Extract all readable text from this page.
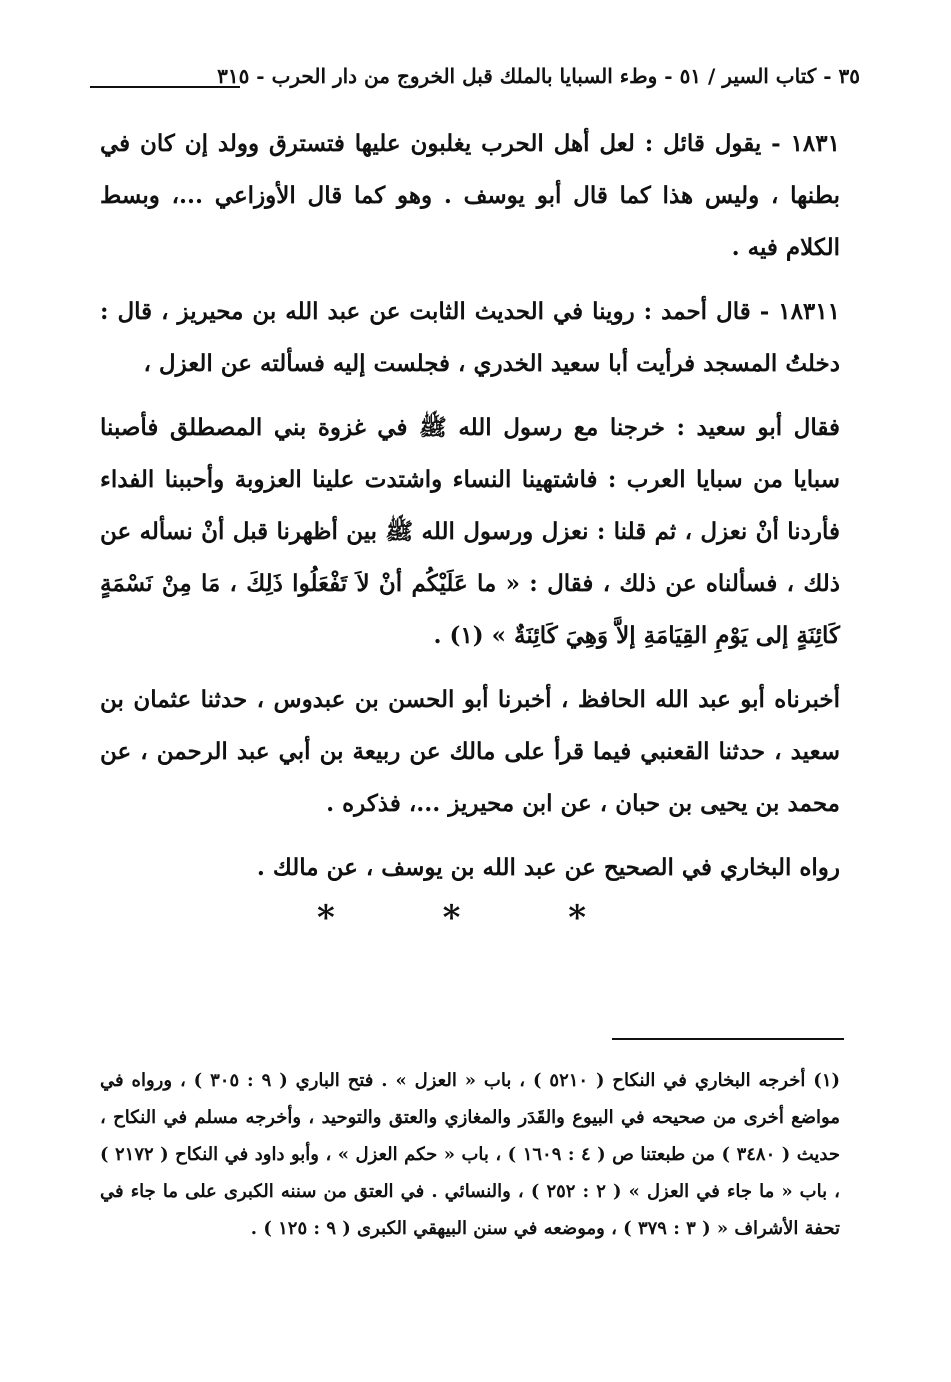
٣٥ - كتاب السير / ٥١ - وطء السبايا بالملك قبل الخروج من دار الحرب - ٣١٥

١٨٣١ - يقول قائل : لعل أهل الحرب يغلبون عليها فتسترق وولد إن كان في بطنها ، وليس هذا كما قال أبو يوسف . وهو كما قال الأوزاعي ...، وبسط الكلام فيه .

١٨٣١١ - قال أحمد : روينا في الحديث الثابت عن عبد الله بن محيريز ، قال : دخلتُ المسجد فرأيت أبا سعيد الخدري ، فجلست إليه فسألته عن العزل ،

فقال أبو سعيد : خرجنا مع رسول الله ﷺ في غزوة بني المصطلق فأصبنا سبايا من سبايا العرب : فاشتهينا النساء واشتدت علينا العزوبة وأحببنا الفداء فأردنا أنْ نعزل ، ثم قلنا : نعزل ورسول الله ﷺ بين أظهرنا قبل أنْ نسأله عن ذلك ، فسألناه عن ذلك ، فقال : « ما عَلَيْكُم أنْ لاَ تَفْعَلُوا ذَلِكَ ، مَا مِنْ نَسْمَةٍ كَائِنَةٍ إلى يَوْمِ القِيَامَةِ إلاَّ وَهِيَ كَائِنَةٌ » (١) .

أخبرناه أبو عبد الله الحافظ ، أخبرنا أبو الحسن بن عبدوس ، حدثنا عثمان بن سعيد ، حدثنا القعنبي فيما قرأ على مالك عن ربيعة بن أبي عبد الرحمن ، عن محمد بن يحيى بن حبان ، عن ابن محيريز ...، فذكره .

رواه البخاري في الصحيح عن عبد الله بن يوسف ، عن مالك .

* * *

(١) أخرجه البخاري في النكاح ( ٥٢١٠ ) ، باب « العزل » . فتح الباري ( ٩ : ٣٠٥ ) ، ورواه في مواضع أخرى من صحيحه في البيوع والقَدَر والمغازي والعتق والتوحيد ، وأخرجه مسلم في النكاح ، حديث ( ٣٤٨٠ ) من طبعتنا ص ( ٤ : ١٦٠٩ ) ، باب « حكم العزل » ، وأبو داود في النكاح ( ٢١٧٢ ) ، باب « ما جاء في العزل » ( ٢ : ٢٥٢ ) ، والنسائي . في العتق من سننه الكبرى على ما جاء في تحفة الأشراف « ( ٣ : ٣٧٩ ) ، وموضعه في سنن البيهقي الكبرى ( ٩ : ١٢٥ ) .
